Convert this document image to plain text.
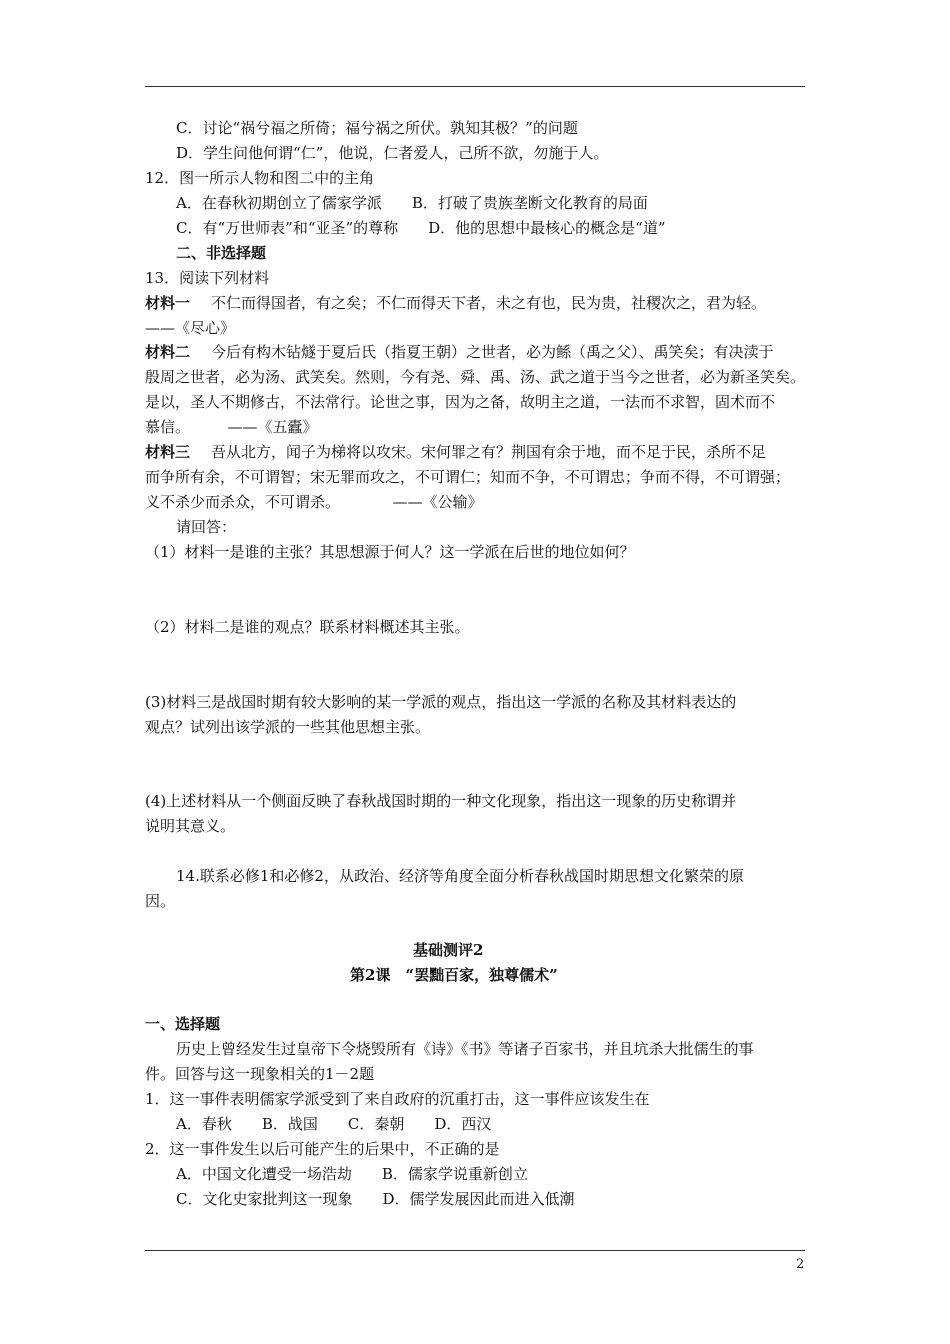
C．讨论“祸兮福之所倚；福兮祸之所伏。孰知其极？”的问题
D．学生问他何谓“仁”，他说，仁者爱人，己所不欲，勿施于人。
12．图一所示人物和图二中的主角
A．在春秋初期创立了儒家学派　　B．打破了贵族垄断文化教育的局面
C．有“万世师表”和“亚圣”的尊称　　D．他的思想中最核心的概念是“道”
二、非选择题
13．阅读下列材料
材料一 不仁而得国者，有之矣；不仁而得天下者，未之有也，民为贵，社稷次之，君为轻。
——《尽心》
材料二 今后有构木钻燧于夏后氏（指夏王朝）之世者，必为鲧（禹之父）、禹笑矣；有决渎于
殷周之世者，必为汤、武笑矣。然则，今有尧、舜、禹、汤、武之道于当今之世者，必为新圣笑矣。
是以，圣人不期修古，不法常行。论世之事，因为之备，故明主之道，一法而不求智，固术而不
慕信。　　　——《五蠹》
材料三 吾从北方，闻子为梯将以攻宋。宋何罪之有？荆国有余于地，而不足于民，杀所不足
而争所有余，不可谓智；宋无罪而攻之，不可谓仁；知而不争，不可谓忠；争而不得，不可谓强；
义不杀少而杀众，不可谓杀。　　　　——《公输》
请回答：
（1）材料一是谁的主张？其思想源于何人？这一学派在后世的地位如何？
（2）材料二是谁的观点？联系材料概述其主张。
(3)材料三是战国时期有较大影响的某一学派的观点，指出这一学派的名称及其材料表达的
观点？试列出该学派的一些其他思想主张。
(4)上述材料从一个侧面反映了春秋战国时期的一种文化现象，指出这一现象的历史称谓并
说明其意义。
14.联系必修1和必修2，从政治、经济等角度全面分析春秋战国时期思想文化繁荣的原
因。
基础测评2
第2课　“罢黜百家，独尊儒术”
一、选择题
历史上曾经发生过皇帝下令烧毁所有《诗》《书》等诸子百家书，并且坑杀大批儒生的事
件。回答与这一现象相关的1－2题
1．这一事件表明儒家学派受到了来自政府的沉重打击，这一事件应该发生在
A．春秋　　B．战国　　C．秦朝　　D．西汉
2．这一事件发生以后可能产生的后果中，不正确的是
A．中国文化遭受一场浩劫　　B．儒家学说重新创立
C．文化史家批判这一现象　　D．儒学发展因此而进入低潮
2
